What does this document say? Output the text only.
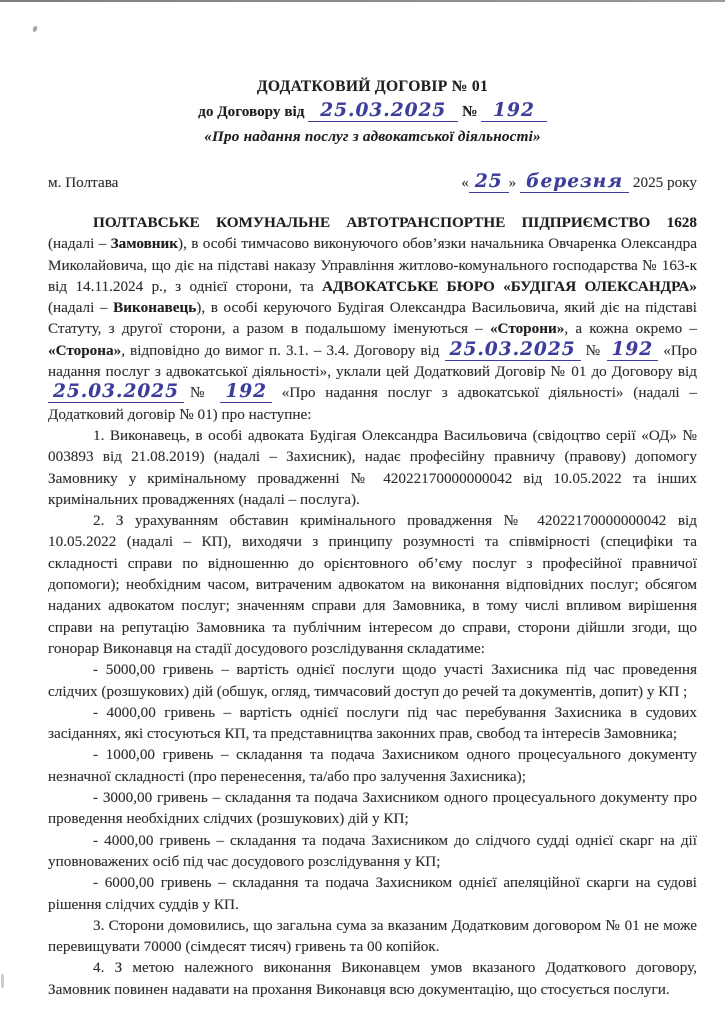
ДОДАТКОВИЙ ДОГОВІР № 01
до Договору від 25.03.2025 № 192
«Про надання послуг з адвокатської діяльності»
м. Полтава	« 25 » березня 2025 року

ПОЛТАВСЬКЕ КОМУНАЛЬНЕ АВТОТРАНСПОРТНЕ ПІДПРИЄМСТВО 1628 (надалі – Замовник), в особі тимчасово виконуючого обов’язки начальника Овчаренка Олександра Миколайовича, що діє на підставі наказу Управління житлово-комунального господарства № 163-к від 14.11.2024 р., з однієї сторони, та АДВОКАТСЬКЕ БЮРО «БУДІГАЯ ОЛЕКСАНДРА» (надалі – Виконавець), в особі керуючого Будігая Олександра Васильовича, який діє на підставі Статуту, з другої сторони, а разом в подальшому іменуються – «Сторони», а кожна окремо – «Сторона», відповідно до вимог п. 3.1. – 3.4. Договору від 25.03.2025 № 192 «Про надання послуг з адвокатської діяльності», уклали цей Додатковий Договір № 01 до Договору від 25.03.2025 № 192 «Про надання послуг з адвокатської діяльності» (надалі – Додатковий договір № 01) про наступне:

1. Виконавець, в особі адвоката Будігая Олександра Васильовича (свідоцтво серії «ОД» № 003893 від 21.08.2019) (надалі – Захисник), надає професійну правничу (правову) допомогу Замовнику у кримінальному провадженні № 42022170000000042 від 10.05.2022 та інших кримінальних провадженнях (надалі – послуга).

2. З урахуванням обставин кримінального провадження № 42022170000000042 від 10.05.2022 (надалі – КП), виходячи з принципу розумності та співмірності (специфіки та складності справи по відношенню до орієнтовного об’єму послуг з професійної правничої допомоги); необхідним часом, витраченим адвокатом на виконання відповідних послуг; обсягом наданих адвокатом послуг; значенням справи для Замовника, в тому числі впливом вирішення справи на репутацію Замовника та публічним інтересом до справи, сторони дійшли згоди, що гонорар Виконавця на стадії досудового розслідування складатиме:

- 5000,00 гривень – вартість однієї послуги щодо участі Захисника під час проведення слідчих (розшукових) дій (обшук, огляд, тимчасовий доступ до речей та документів, допит) у КП ;

- 4000,00 гривень – вартість однієї послуги під час перебування Захисника в судових засіданнях, які стосуються КП, та представництва законних прав, свобод та інтересів Замовника;

- 1000,00 гривень – складання та подача Захисником одного процесуального документу незначної складності (про перенесення, та/або про залучення Захисника);

- 3000,00 гривень – складання та подача Захисником одного процесуального документу про проведення необхідних слідчих (розшукових) дій у КП;

- 4000,00 гривень – складання та подача Захисником до слідчого судді однієї скарг на дії уповноважених осіб під час досудового розслідування у КП;

- 6000,00 гривень – складання та подача Захисником однієї апеляційної скарги на судові рішення слідчих суддів у КП.

3. Сторони домовились, що загальна сума за вказаним Додатковим договором № 01 не може перевищувати 70000 (сімдесят тисяч) гривень та 00 копійок.

4. З метою належного виконання Виконавцем умов вказаного Додаткового договору, Замовник повинен надавати на прохання Виконавця всю документацію, що стосується послуги.
